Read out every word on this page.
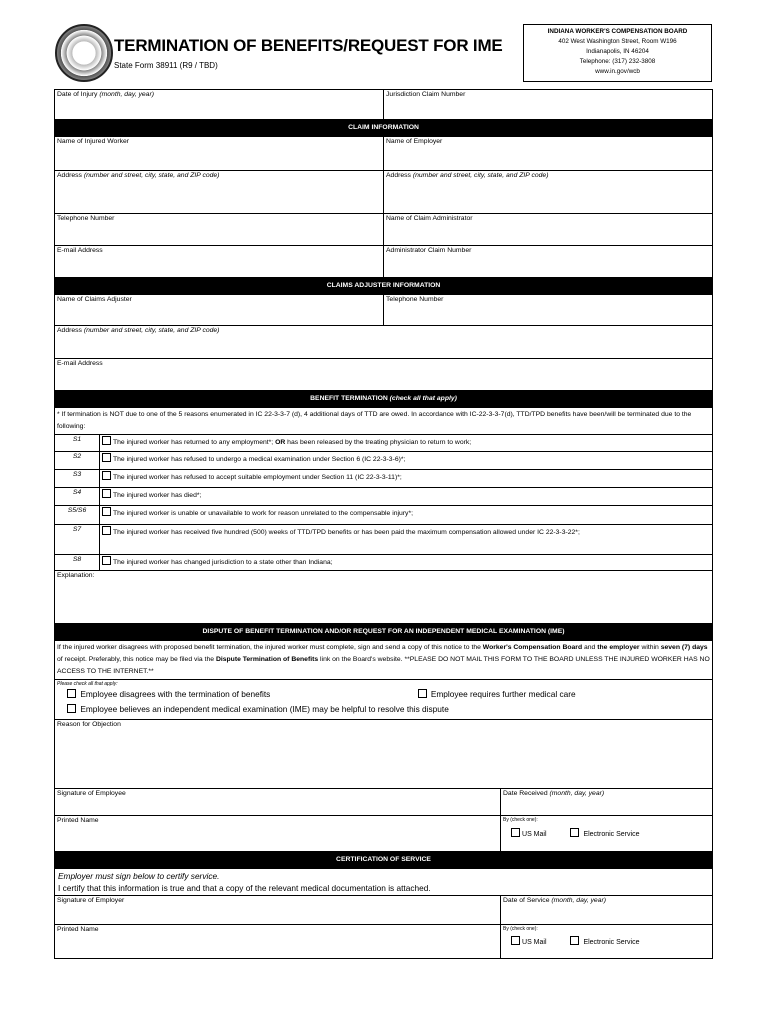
TERMINATION OF BENEFITS/REQUEST FOR IME
State Form 38911 (R9 / TBD)
INDIANA WORKER'S COMPENSATION BOARD
402 West Washington Street, Room W196
Indianapolis, IN 46204
Telephone: (317) 232-3808
www.in.gov/wcb
Date of Injury (month, day, year)		Jurisdiction Claim Number	
CLAIM INFORMATION			
Name of Injured Worker		Name of Employer	
Address (number and street, city, state, and ZIP code)		Address (number and street, city, state, and ZIP code)	
Telephone Number		Name of Claim Administrator	
E-mail Address		Administrator Claim Number	
CLAIMS ADJUSTER INFORMATION			
Name of Claims Adjuster		Telephone Number	
Address (number and street, city, state, and ZIP code)			
E-mail Address			
BENEFIT TERMINATION (check all that apply)			
* If termination is NOT due to one of the 5 reasons enumerated in IC 22-3-3-7 (d), 4 additional days of TTD are owed. In accordance with IC-22-3-3-7(d), TTD/TPD benefits have been/will be terminated due to the following:			
S1	The injured worker has returned to any employment*; OR has been released by the treating physician to return to work;		
S2	The injured worker has refused to undergo a medical examination under Section 6 (IC 22-3-3-6)*;		
S3	The injured worker has refused to accept suitable employment under Section 11 (IC 22-3-3-11)*;		
S4	The injured worker has died*;		
S5/S6	The injured worker is unable or unavailable to work for reason unrelated to the compensable injury*;		
S7	The injured worker has received five hundred (500) weeks of TTD/TPD benefits or has been paid the maximum compensation allowed under IC 22-3-3-22*;		
S8	The injured worker has changed jurisdiction to a state other than Indiana;		
Explanation:			
DISPUTE OF BENEFIT TERMINATION AND/OR REQUEST FOR AN INDEPENDENT MEDICAL EXAMINATION (IME)			
If the injured worker disagrees with proposed benefit termination, the injured worker must complete, sign and send a copy of this notice to the Worker's Compensation Board and the employer within seven (7) days of receipt. Preferably, this notice may be filed via the Dispute Termination of Benefits link on the Board's website. **PLEASE DO NOT MAIL THIS FORM TO THE BOARD UNLESS THE INJURED WORKER HAS NO ACCESS TO THE INTERNET.**			

Please check all that apply:
Employee disagrees with the termination of benefits Employee requires further medical care
Employee believes an independent medical examination (IME) may be helpful to resolve this dispute			

Reason for Objection			
Signature of Employee			Date Received (month, day, year)
Printed Name			By (check one):
US Mail Electronic Service

CERTIFICATION OF SERVICE			

Employer must sign below to certify service.
I certify that this information is true and that a copy of the relevant medical documentation is attached.			

Signature of Employer			Date of Service (month, day, year)
Printed Name			By (check one):
US Mail Electronic Service
